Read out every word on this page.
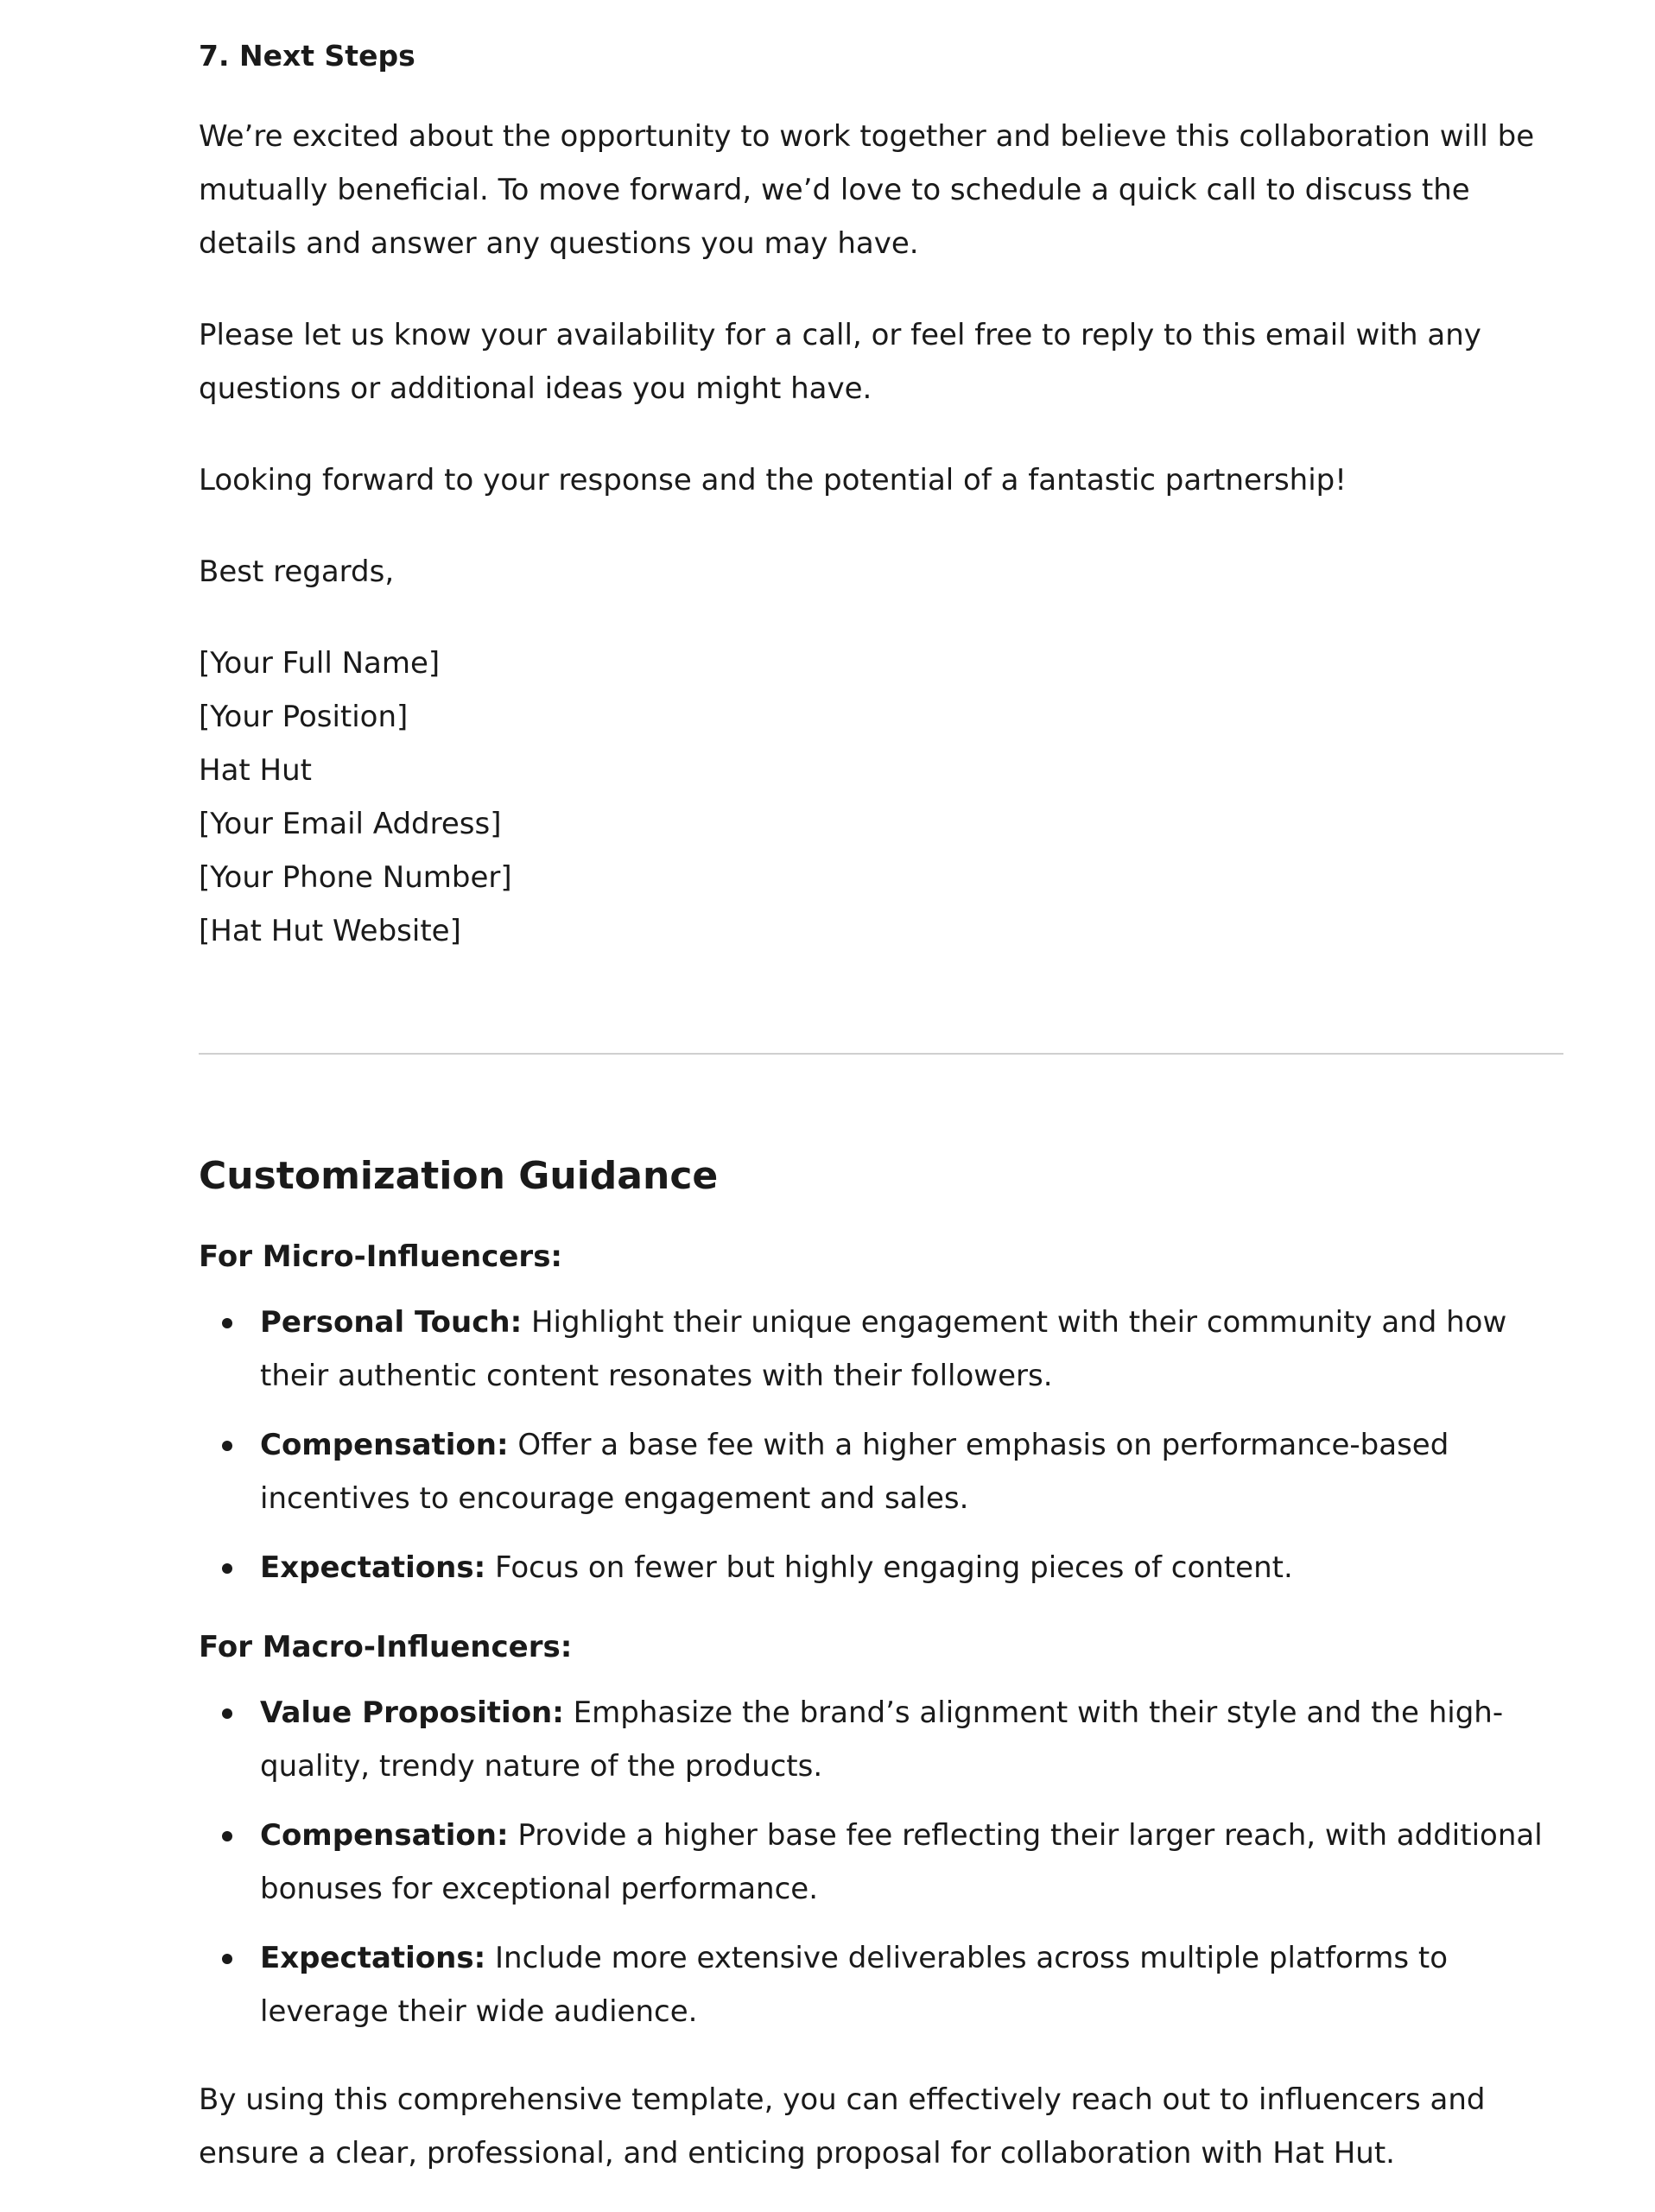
7. Next Steps

We’re excited about the opportunity to work together and believe this collaboration will be mutually beneficial. To move forward, we’d love to schedule a quick call to discuss the details and answer any questions you may have.

Please let us know your availability for a call, or feel free to reply to this email with any questions or additional ideas you might have.

Looking forward to your response and the potential of a fantastic partnership!

Best regards,

[Your Full Name]
[Your Position]
Hat Hut
[Your Email Address]
[Your Phone Number]
[Hat Hut Website]
Customization Guidance
For Micro-Influencers:
Personal Touch: Highlight their unique engagement with their community and how their authentic content resonates with their followers.
Compensation: Offer a base fee with a higher emphasis on performance-based incentives to encourage engagement and sales.
Expectations: Focus on fewer but highly engaging pieces of content.
For Macro-Influencers:
Value Proposition: Emphasize the brand’s alignment with their style and the high-quality, trendy nature of the products.
Compensation: Provide a higher base fee reflecting their larger reach, with additional bonuses for exceptional performance.
Expectations: Include more extensive deliverables across multiple platforms to leverage their wide audience.

By using this comprehensive template, you can effectively reach out to influencers and ensure a clear, professional, and enticing proposal for collaboration with Hat Hut.
